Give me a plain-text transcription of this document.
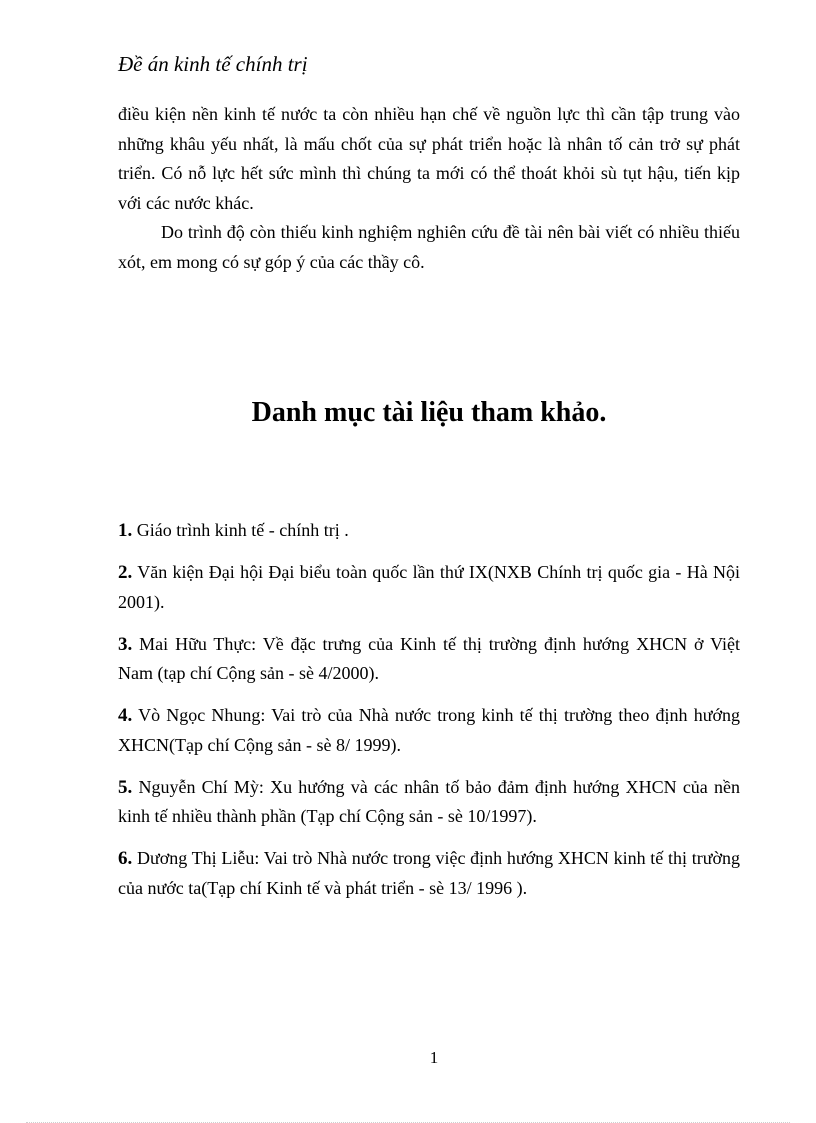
Đề án kinh tế chính trị

điều kiện nền kinh tế nước ta còn nhiều hạn chế về nguồn lực thì cần tập trung vào những khâu yếu nhất, là mấu chốt của sự phát triển hoặc là nhân tố cản trở sự phát triển. Có nỗ lực hết sức mình thì chúng ta mới có thể thoát khỏi sù tụt hậu, tiến kịp với các nước khác.

Do trình độ còn thiếu kinh nghiệm nghiên cứu đề tài nên bài viết có nhiều thiếu xót, em mong có sự góp ý của các thầy cô.

Danh mục tài liệu tham khảo.
1. Giáo trình kinh tế - chính trị .
2. Văn kiện Đại hội Đại biểu toàn quốc lần thứ IX(NXB Chính trị quốc gia - Hà Nội 2001).
3. Mai Hữu Thực: Về đặc trưng của Kinh tế thị trường định hướng XHCN ở Việt Nam (tạp chí Cộng sản - sè 4/2000).
4. Vò Ngọc Nhung: Vai trò của Nhà nước trong kinh tế thị trường theo định hướng XHCN(Tạp chí Cộng sản - sè 8/ 1999).
5. Nguyễn Chí Mỳ: Xu hướng và các nhân tố bảo đảm định hướng XHCN của nền kinh tế nhiều thành phần (Tạp chí Cộng sản - sè 10/1997).
6. Dương Thị Liễu: Vai trò Nhà nước trong việc định hướng XHCN kinh tế thị trường của nước ta(Tạp chí Kinh tế và phát triển - sè 13/ 1996 ).
1
